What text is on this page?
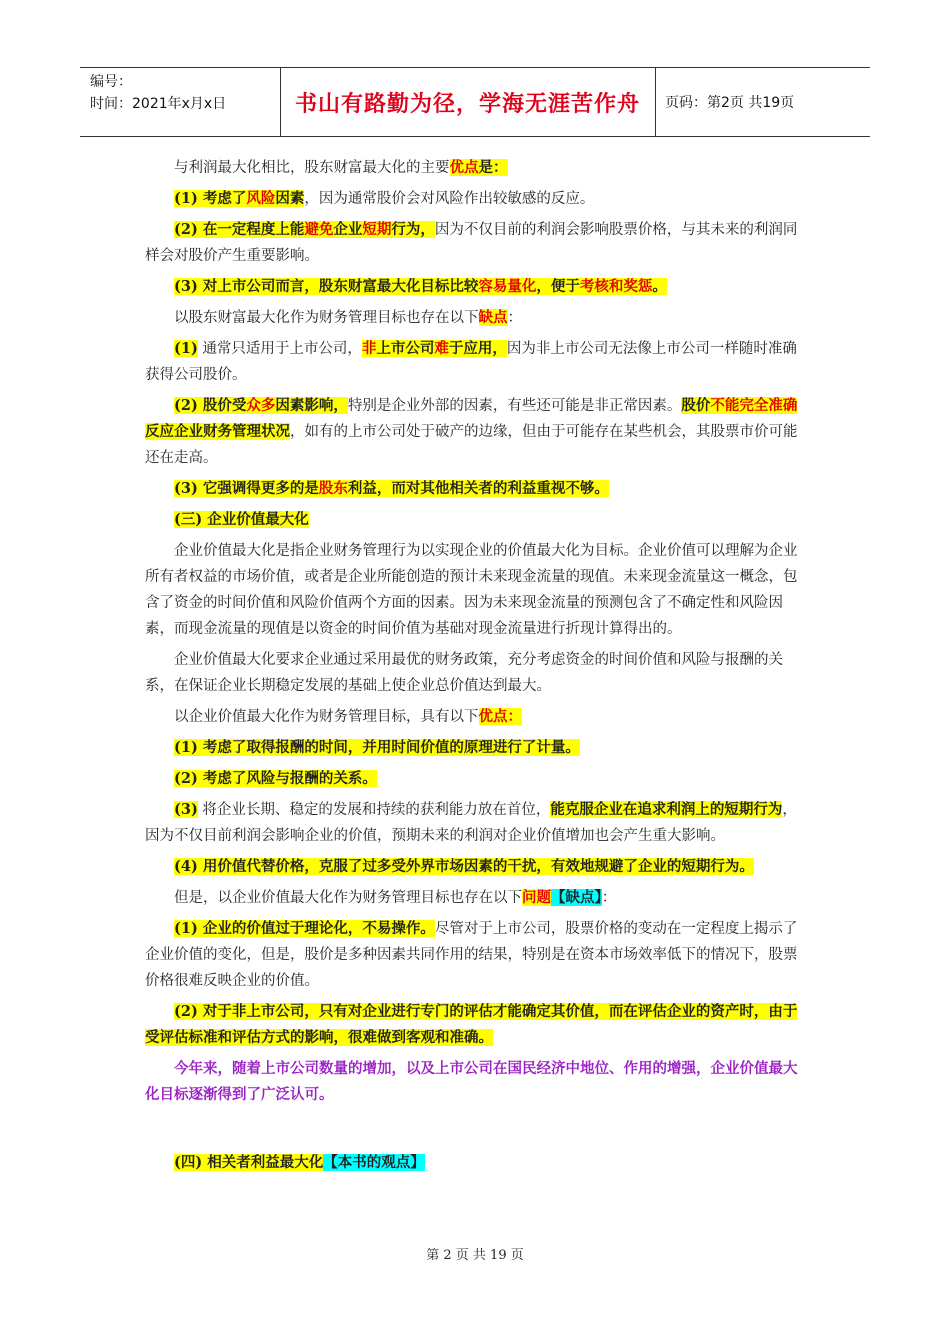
编号：
时间：2021年x月x日	书山有路勤为径，学海无涯苦作舟	页码：第2页 共19页

与利润最大化相比，股东财富最大化的主要优点是：

(1) 考虑了风险因素，因为通常股价会对风险作出较敏感的反应。

(2) 在一定程度上能避免企业短期行为，因为不仅目前的利润会影响股票价格，与其未来的利润同样会对股价产生重要影响。

(3) 对上市公司而言，股东财富最大化目标比较容易量化，便于考核和奖惩。

以股东财富最大化作为财务管理目标也存在以下缺点：

(1) 通常只适用于上市公司，非上市公司难于应用，因为非上市公司无法像上市公司一样随时准确获得公司股价。

(2) 股价受众多因素影响，特别是企业外部的因素，有些还可能是非正常因素。股价不能完全准确反应企业财务管理状况，如有的上市公司处于破产的边缘，但由于可能存在某些机会，其股票市价可能还在走高。

(3) 它强调得更多的是股东利益，而对其他相关者的利益重视不够。

(三) 企业价值最大化

企业价值最大化是指企业财务管理行为以实现企业的价值最大化为目标。企业价值可以理解为企业所有者权益的市场价值，或者是企业所能创造的预计未来现金流量的现值。未来现金流量这一概念，包含了资金的时间价值和风险价值两个方面的因素。因为未来现金流量的预测包含了不确定性和风险因素，而现金流量的现值是以资金的时间价值为基础对现金流量进行折现计算得出的。

企业价值最大化要求企业通过采用最优的财务政策，充分考虑资金的时间价值和风险与报酬的关系，在保证企业长期稳定发展的基础上使企业总价值达到最大。

以企业价值最大化作为财务管理目标，具有以下优点：

(1) 考虑了取得报酬的时间，并用时间价值的原理进行了计量。

(2) 考虑了风险与报酬的关系。

(3) 将企业长期、稳定的发展和持续的获利能力放在首位，能克服企业在追求利润上的短期行为，因为不仅目前利润会影响企业的价值，预期未来的利润对企业价值增加也会产生重大影响。

(4) 用价值代替价格，克服了过多受外界市场因素的干扰，有效地规避了企业的短期行为。

但是，以企业价值最大化作为财务管理目标也存在以下问题【缺点】：

(1) 企业的价值过于理论化，不易操作。尽管对于上市公司，股票价格的变动在一定程度上揭示了企业价值的变化，但是，股价是多种因素共同作用的结果，特别是在资本市场效率低下的情况下，股票价格很难反映企业的价值。

(2) 对于非上市公司，只有对企业进行专门的评估才能确定其价值，而在评估企业的资产时，由于受评估标准和评估方式的影响，很难做到客观和准确。

今年来，随着上市公司数量的增加，以及上市公司在国民经济中地位、作用的增强，企业价值最大化目标逐渐得到了广泛认可。

(四) 相关者利益最大化【本书的观点】

第 2 页 共 19 页
